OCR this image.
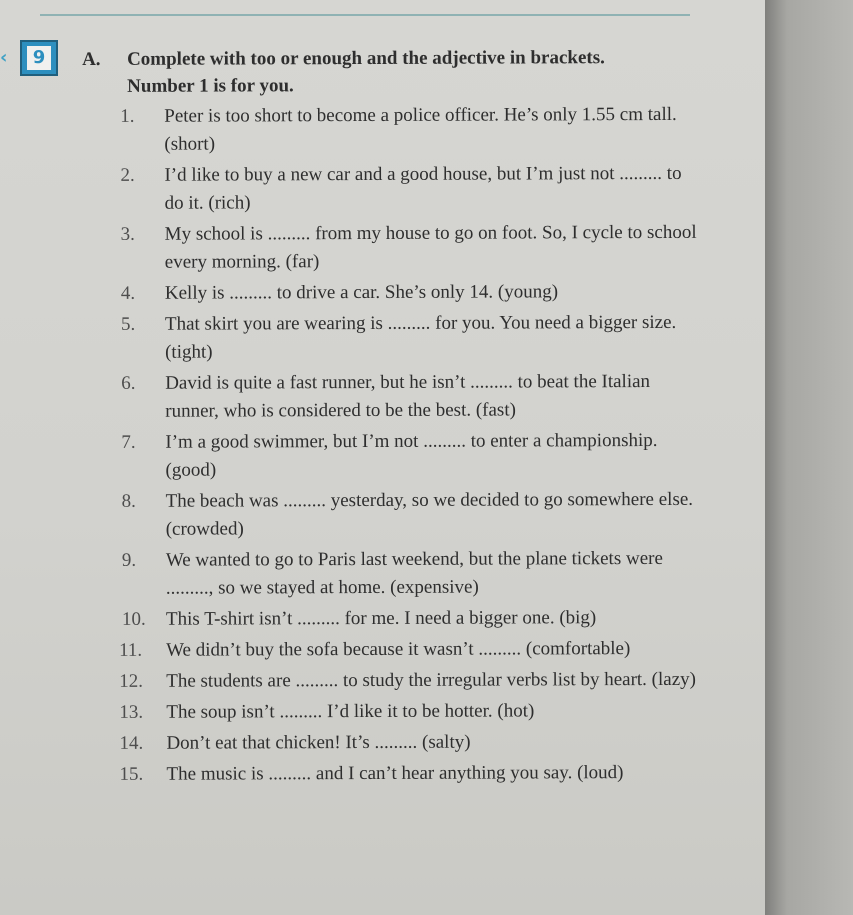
‹	9	A. Complete with too or enough and the adjective in brackets.
Number 1 is for you.
1. Peter is too short to become a police officer. He’s only 1.55 cm tall. (short)
2. I’d like to buy a new car and a good house, but I’m just not ......... to do it. (rich)
3. My school is ......... from my house to go on foot. So, I cycle to school every morning. (far)
4. Kelly is ......... to drive a car. She’s only 14. (young)
5. That skirt you are wearing is ......... for you. You need a bigger size. (tight)
6. David is quite a fast runner, but he isn’t ......... to beat the Italian runner, who is considered to be the best. (fast)
7. I’m a good swimmer, but I’m not ......... to enter a championship. (good)
8. The beach was ......... yesterday, so we decided to go somewhere else. (crowded)
9. We wanted to go to Paris last weekend, but the plane tickets were ........., so we stayed at home. (expensive)
10. This T-shirt isn’t ......... for me. I need a bigger one. (big)
11. We didn’t buy the sofa because it wasn’t ......... (comfortable)
12. The students are ......... to study the irregular verbs list by heart. (lazy)
13. The soup isn’t ......... I’d like it to be hotter. (hot)
14. Don’t eat that chicken! It’s ......... (salty)
15. The music is ......... and I can’t hear anything you say. (loud)
